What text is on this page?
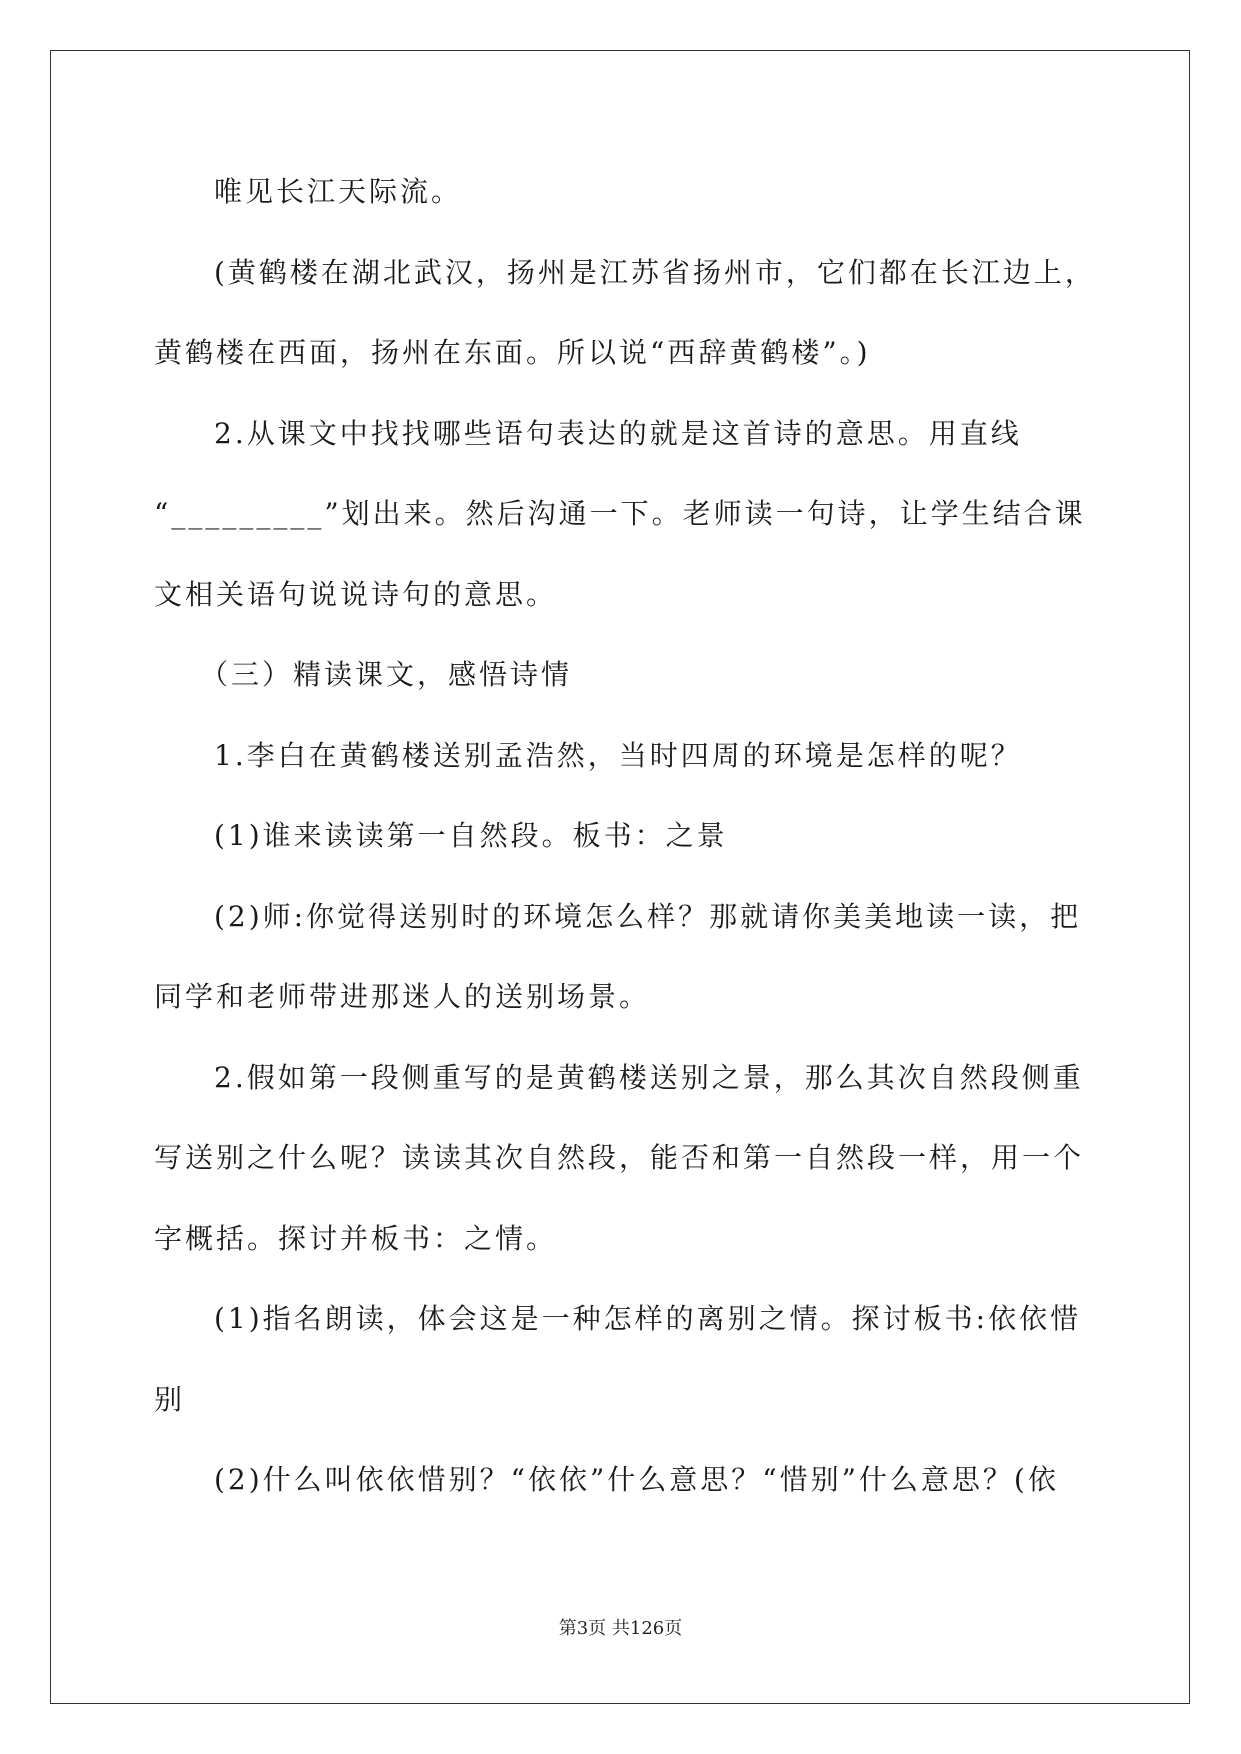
唯见长江天际流。
(黄鹤楼在湖北武汉，扬州是江苏省扬州市，它们都在长江边上，
黄鹤楼在西面，扬州在东面。所以说“西辞黄鹤楼”。)
2.从课文中找找哪些语句表达的就是这首诗的意思。用直线
“_________”划出来。然后沟通一下。老师读一句诗，让学生结合课
文相关语句说说诗句的意思。
（三）精读课文，感悟诗情
1.李白在黄鹤楼送别孟浩然，当时四周的环境是怎样的呢？
(1)谁来读读第一自然段。板书：之景
(2)师:你觉得送别时的环境怎么样？那就请你美美地读一读，把
同学和老师带进那迷人的送别场景。
2.假如第一段侧重写的是黄鹤楼送别之景，那么其次自然段侧重
写送别之什么呢？读读其次自然段，能否和第一自然段一样，用一个
字概括。探讨并板书：之情。
(1)指名朗读，体会这是一种怎样的离别之情。探讨板书:依依惜
别
(2)什么叫依依惜别？“依依”什么意思？“惜别”什么意思？(依
第3页 共126页
